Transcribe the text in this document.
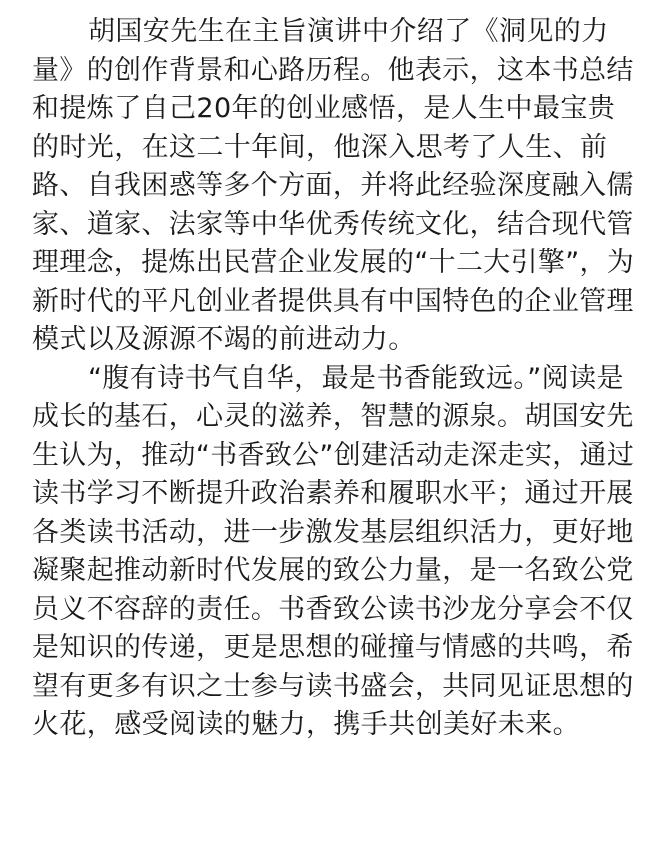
胡国安先生在主旨演讲中介绍了《洞见的力
量》的创作背景和心路历程。他表示，这本书总结
和提炼了自己20年的创业感悟，是人生中最宝贵
的时光，在这二十年间，他深入思考了人生、前
路、自我困惑等多个方面，并将此经验深度融入儒
家、道家、法家等中华优秀传统文化，结合现代管
理理念，提炼出民营企业发展的“十二大引擎”，为
新时代的平凡创业者提供具有中国特色的企业管理
模式以及源源不竭的前进动力。

“腹有诗书气自华，最是书香能致远。”阅读是
成长的基石，心灵的滋养，智慧的源泉。胡国安先
生认为，推动“书香致公”创建活动走深走实，通过
读书学习不断提升政治素养和履职水平；通过开展
各类读书活动，进一步激发基层组织活力，更好地
凝聚起推动新时代发展的致公力量，是一名致公党
员义不容辞的责任。书香致公读书沙龙分享会不仅
是知识的传递，更是思想的碰撞与情感的共鸣，希
望有更多有识之士参与读书盛会，共同见证思想的
火花，感受阅读的魅力，携手共创美好未来。
